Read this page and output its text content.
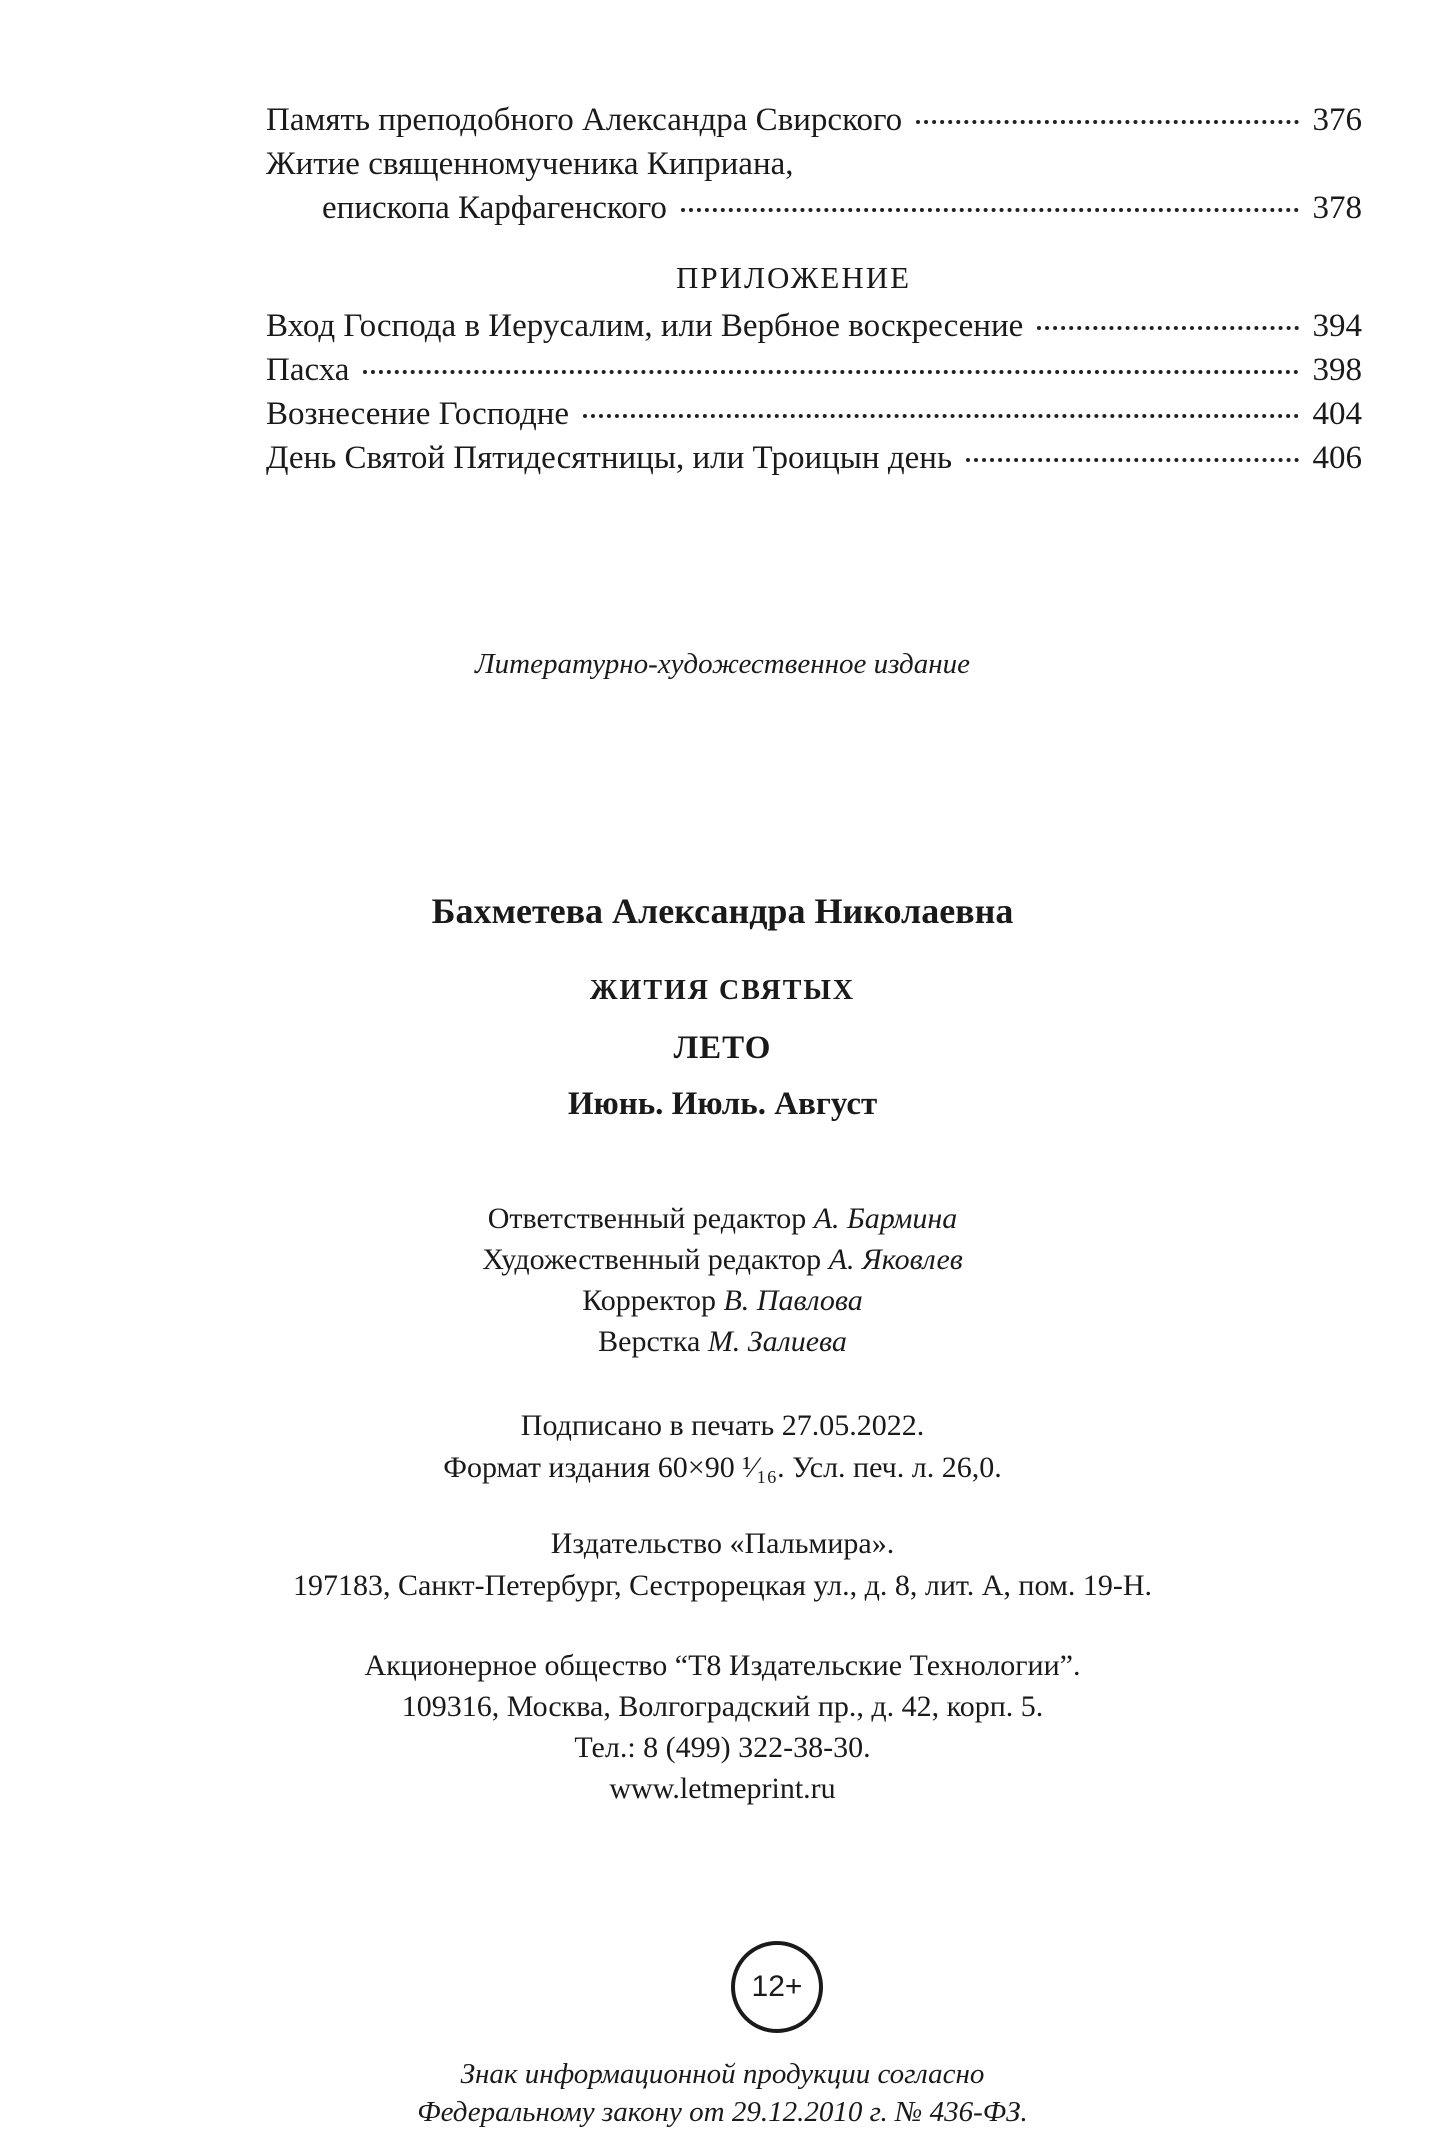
Память преподобного Александра Свирского	376
Житие священномученика Киприана,
епископа Карфагенского	378
ПРИЛОЖЕНИЕ
Вход Господа в Иерусалим, или Вербное воскресение	394
Пасха	398
Вознесение Господне	404
День Святой Пятидесятницы, или Троицын день	406
Литературно-художественное издание
Бахметева Александра Николаевна
ЖИТИЯ СВЯТЫХ
ЛЕТО
Июнь. Июль. Август
Ответственный редактор А. Бармина
Художественный редактор А. Яковлев
Корректор В. Павлова
Верстка М. Залиева
Подписано в печать 27.05.2022.
Формат издания 60×90 ¹⁄₁₆. Усл. печ. л. 26,0.
Издательство «Пальмира».
197183, Санкт-Петербург, Сестрорецкая ул., д. 8, лит. А, пом. 19-Н.
Акционерное общество “Т8 Издательские Технологии”.
109316, Москва, Волгоградский пр., д. 42, корп. 5.
Тел.: 8 (499) 322-38-30.
www.letmeprint.ru
12+
Знак информационной продукции согласно
Федеральному закону от 29.12.2010 г. № 436-ФЗ.
